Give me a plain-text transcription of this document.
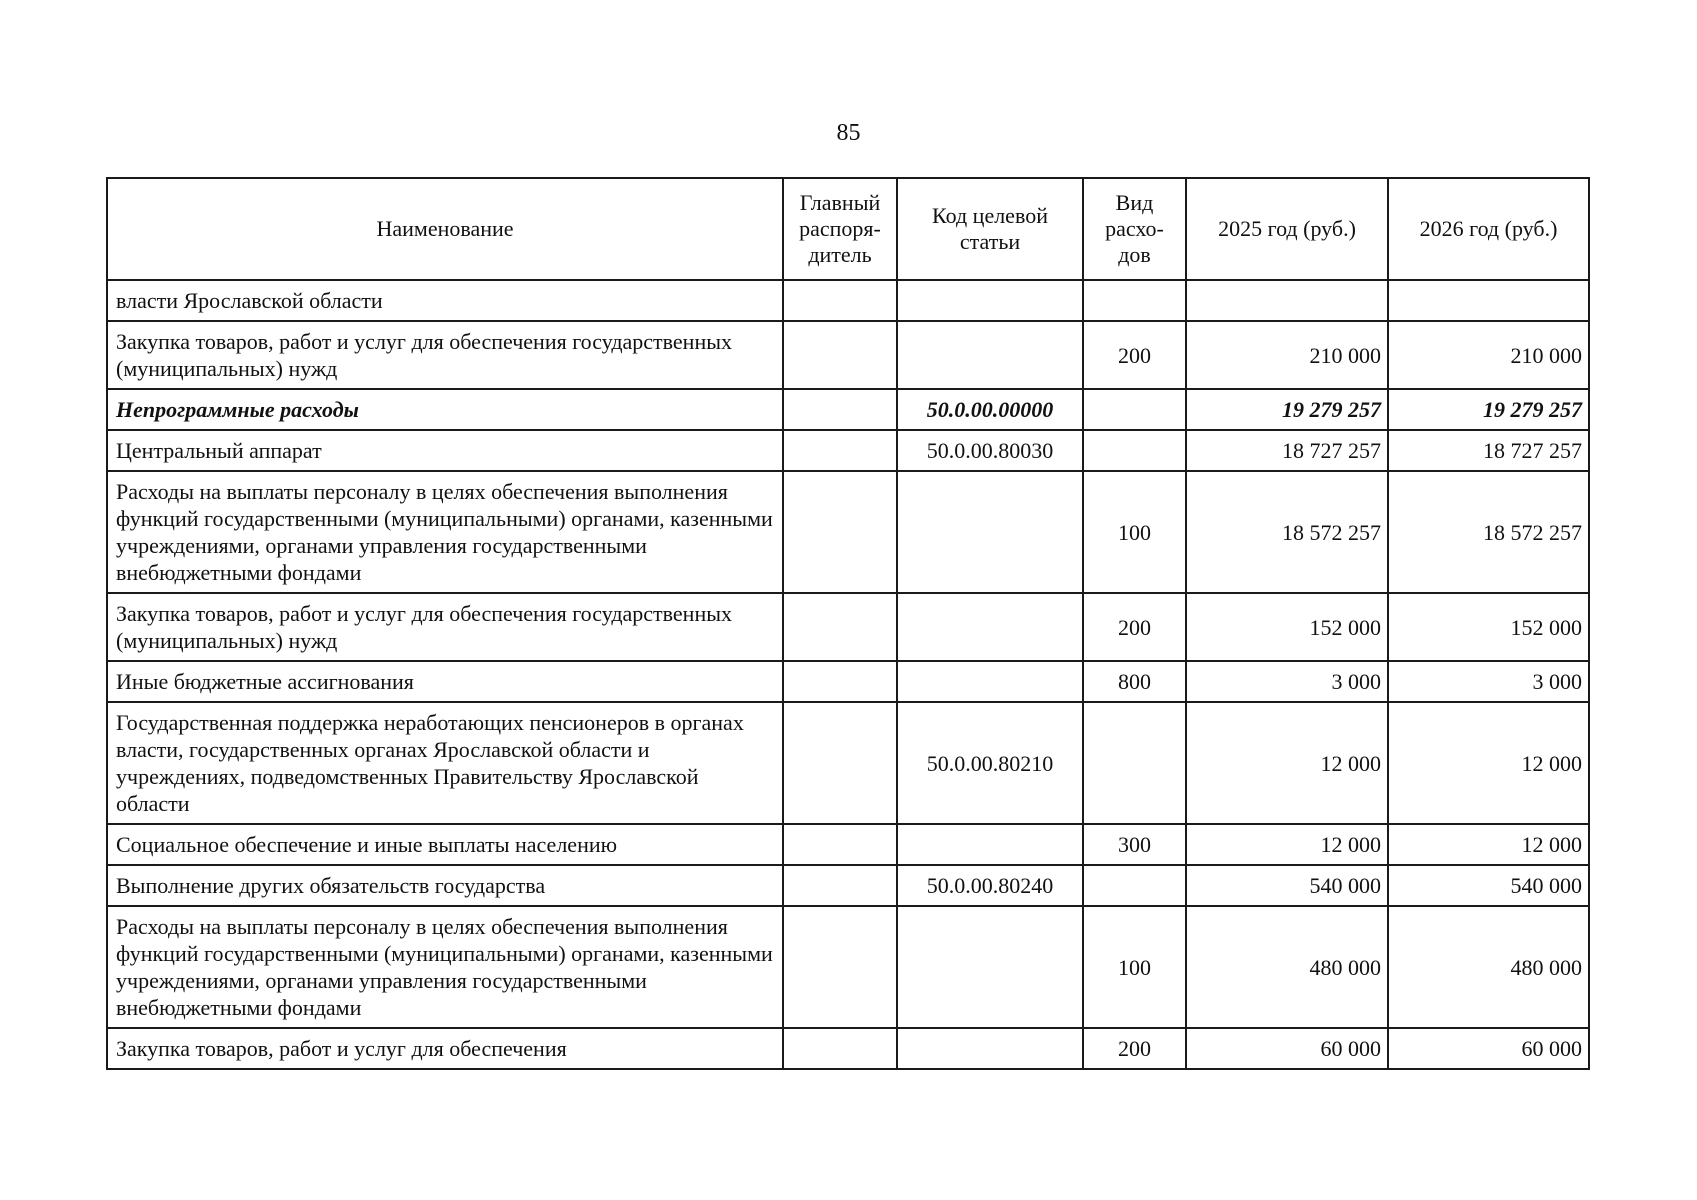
85
Наименование	Главный распоря-дитель	Код целевой статьи	Вид расхо-дов	2025 год (руб.)	2026 год (руб.)
власти Ярославской области					
Закупка товаров, работ и услуг для обеспечения государственных (муниципальных) нужд			200	210 000	210 000
Непрограммные расходы		50.0.00.00000		19 279 257	19 279 257
Центральный аппарат		50.0.00.80030		18 727 257	18 727 257
Расходы на выплаты персоналу в целях обеспечения выполнения функций государственными (муниципальными) органами, казенными учреждениями, органами управления государственными внебюджетными фондами			100	18 572 257	18 572 257
Закупка товаров, работ и услуг для обеспечения государственных (муниципальных) нужд			200	152 000	152 000
Иные бюджетные ассигнования			800	3 000	3 000
Государственная поддержка неработающих пенсионеров в органах власти, государственных органах Ярославской области и учреждениях, подведомственных Правительству Ярославской области		50.0.00.80210		12 000	12 000
Социальное обеспечение и иные выплаты населению			300	12 000	12 000
Выполнение других обязательств государства		50.0.00.80240		540 000	540 000
Расходы на выплаты персоналу в целях обеспечения выполнения функций государственными (муниципальными) органами, казенными учреждениями, органами управления государственными внебюджетными фондами			100	480 000	480 000
Закупка товаров, работ и услуг для обеспечения			200	60 000	60 000
